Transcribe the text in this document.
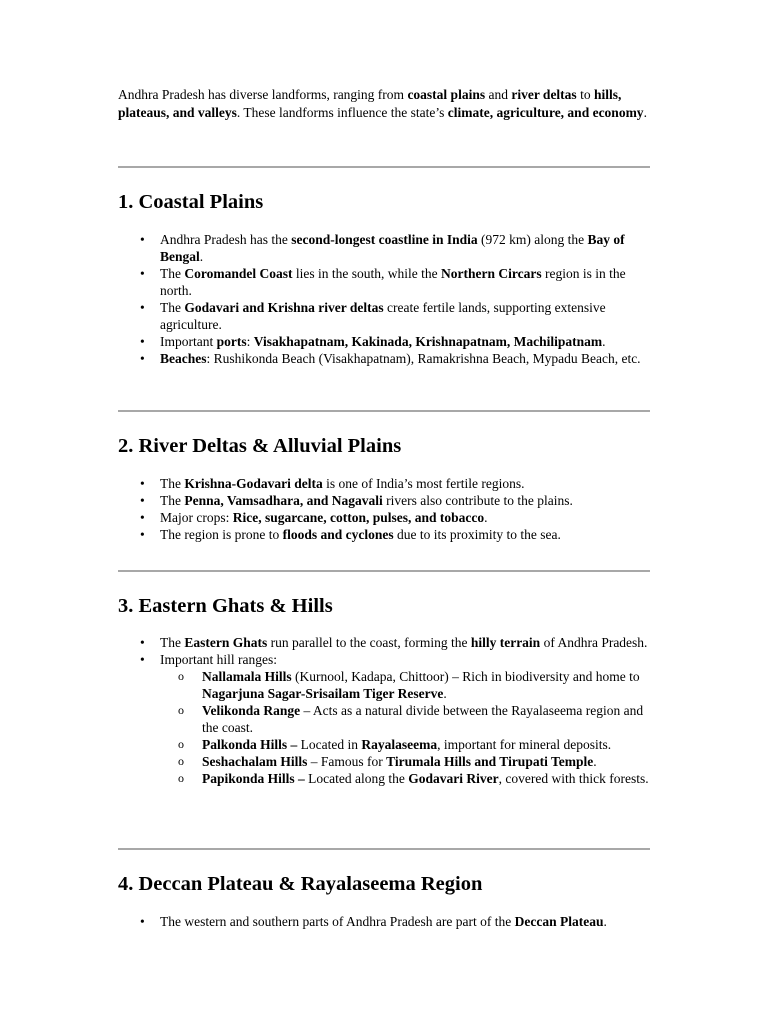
Andhra Pradesh has diverse landforms, ranging from coastal plains and river deltas to hills, plateaus, and valleys. These landforms influence the state’s climate, agriculture, and economy.

1. Coastal Plains
• Andhra Pradesh has the second-longest coastline in India (972 km) along the Bay of Bengal.
• The Coromandel Coast lies in the south, while the Northern Circars region is in the north.
• The Godavari and Krishna river deltas create fertile lands, supporting extensive agriculture.
• Important ports: Visakhapatnam, Kakinada, Krishnapatnam, Machilipatnam.
• Beaches: Rushikonda Beach (Visakhapatnam), Ramakrishna Beach, Mypadu Beach, etc.
2. River Deltas & Alluvial Plains
• The Krishna-Godavari delta is one of India’s most fertile regions.
• The Penna, Vamsadhara, and Nagavali rivers also contribute to the plains.
• Major crops: Rice, sugarcane, cotton, pulses, and tobacco.
• The region is prone to floods and cyclones due to its proximity to the sea.
3. Eastern Ghats & Hills
• The Eastern Ghats run parallel to the coast, forming the hilly terrain of Andhra Pradesh.
• Important hill ranges:
o Nallamala Hills (Kurnool, Kadapa, Chittoor) – Rich in biodiversity and home to Nagarjuna Sagar-Srisailam Tiger Reserve.
o Velikonda Range – Acts as a natural divide between the Rayalaseema region and the coast.
o Palkonda Hills – Located in Rayalaseema, important for mineral deposits.
o Seshachalam Hills – Famous for Tirumala Hills and Tirupati Temple.
o Papikonda Hills – Located along the Godavari River, covered with thick forests.
4. Deccan Plateau & Rayalaseema Region
• The western and southern parts of Andhra Pradesh are part of the Deccan Plateau.
